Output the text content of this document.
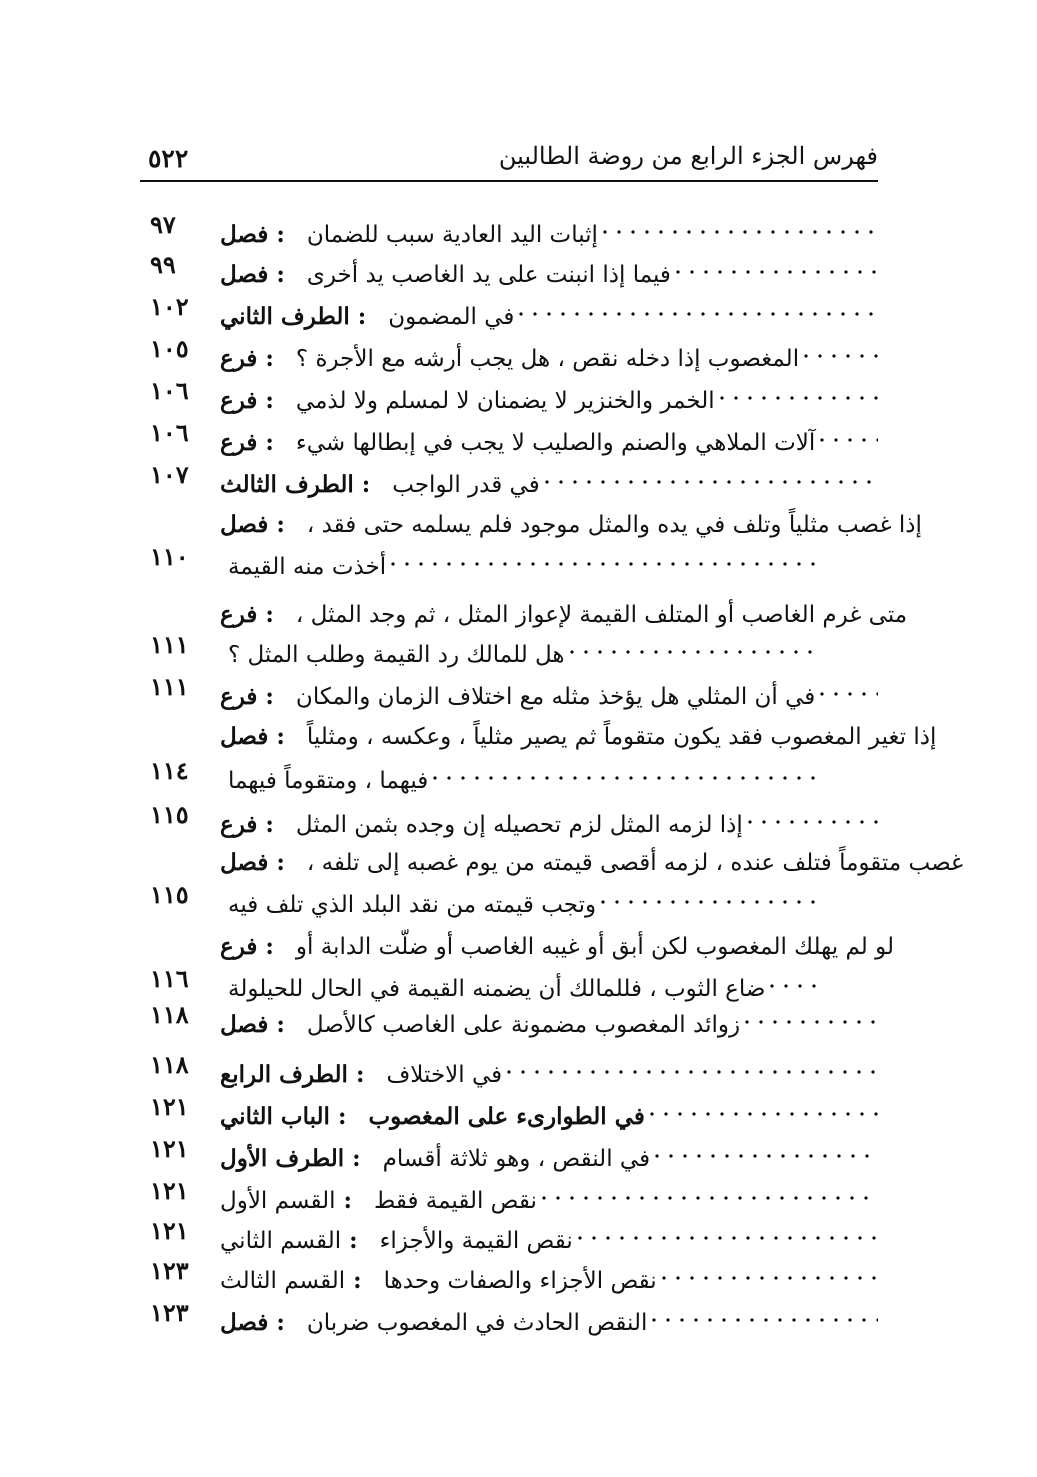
فهرس الجزء الرابع من روضة الطالبين
٥٢٢
فصل : إثبات اليد العادية سبب للضمان
٩٧
فصل : فيما إذا انبنت على يد الغاصب يد أخرى
٩٩
الطرف الثاني : في المضمون
١٠٢
فرع : المغصوب إذا دخله نقص ، هل يجب أرشه مع الأجرة ؟
١٠٥
فرع : الخمر والخنزير لا يضمنان لا لمسلم ولا لذمي
١٠٦
فرع : آلات الملاهي والصنم والصليب لا يجب في إبطالها شيء
١٠٦
الطرف الثالث : في قدر الواجب
١٠٧
فصل : إذا غصب مثلياً وتلف في يده والمثل موجود فلم يسلمه حتى فقد ،
أخذت منه القيمة
١١٠
فرع : متى غرم الغاصب أو المتلف القيمة لإعواز المثل ، ثم وجد المثل ،
هل للمالك رد القيمة وطلب المثل ؟
١١١
فرع : في أن المثلي هل يؤخذ مثله مع اختلاف الزمان والمكان
١١١
فصل : إذا تغير المغصوب فقد يكون متقوماً ثم يصير مثلياً ، وعكسه ، ومثلياً
فيهما ، ومتقوماً فيهما
١١٤
فرع : إذا لزمه المثل لزم تحصيله إن وجده بثمن المثل
١١٥
فصل : غصب متقوماً فتلف عنده ، لزمه أقصى قيمته من يوم غصبه إلى تلفه ،
وتجب قيمته من نقد البلد الذي تلف فيه
١١٥
فرع : لو لم يهلك المغصوب لكن أبق أو غيبه الغاصب أو ضلّت الدابة أو
ضاع الثوب ، فللمالك أن يضمنه القيمة في الحال للحيلولة
١١٦
فصل : زوائد المغصوب مضمونة على الغاصب كالأصل
١١٨
الطرف الرابع : في الاختلاف
١١٨
الباب الثاني : في الطوارىء على المغصوب
١٢١
الطرف الأول : في النقص ، وهو ثلاثة أقسام
١٢١
القسم الأول : نقص القيمة فقط
١٢١
القسم الثاني : نقص القيمة والأجزاء
١٢١
القسم الثالث : نقص الأجزاء والصفات وحدها
١٢٣
فصل : النقص الحادث في المغصوب ضربان
١٢٣
